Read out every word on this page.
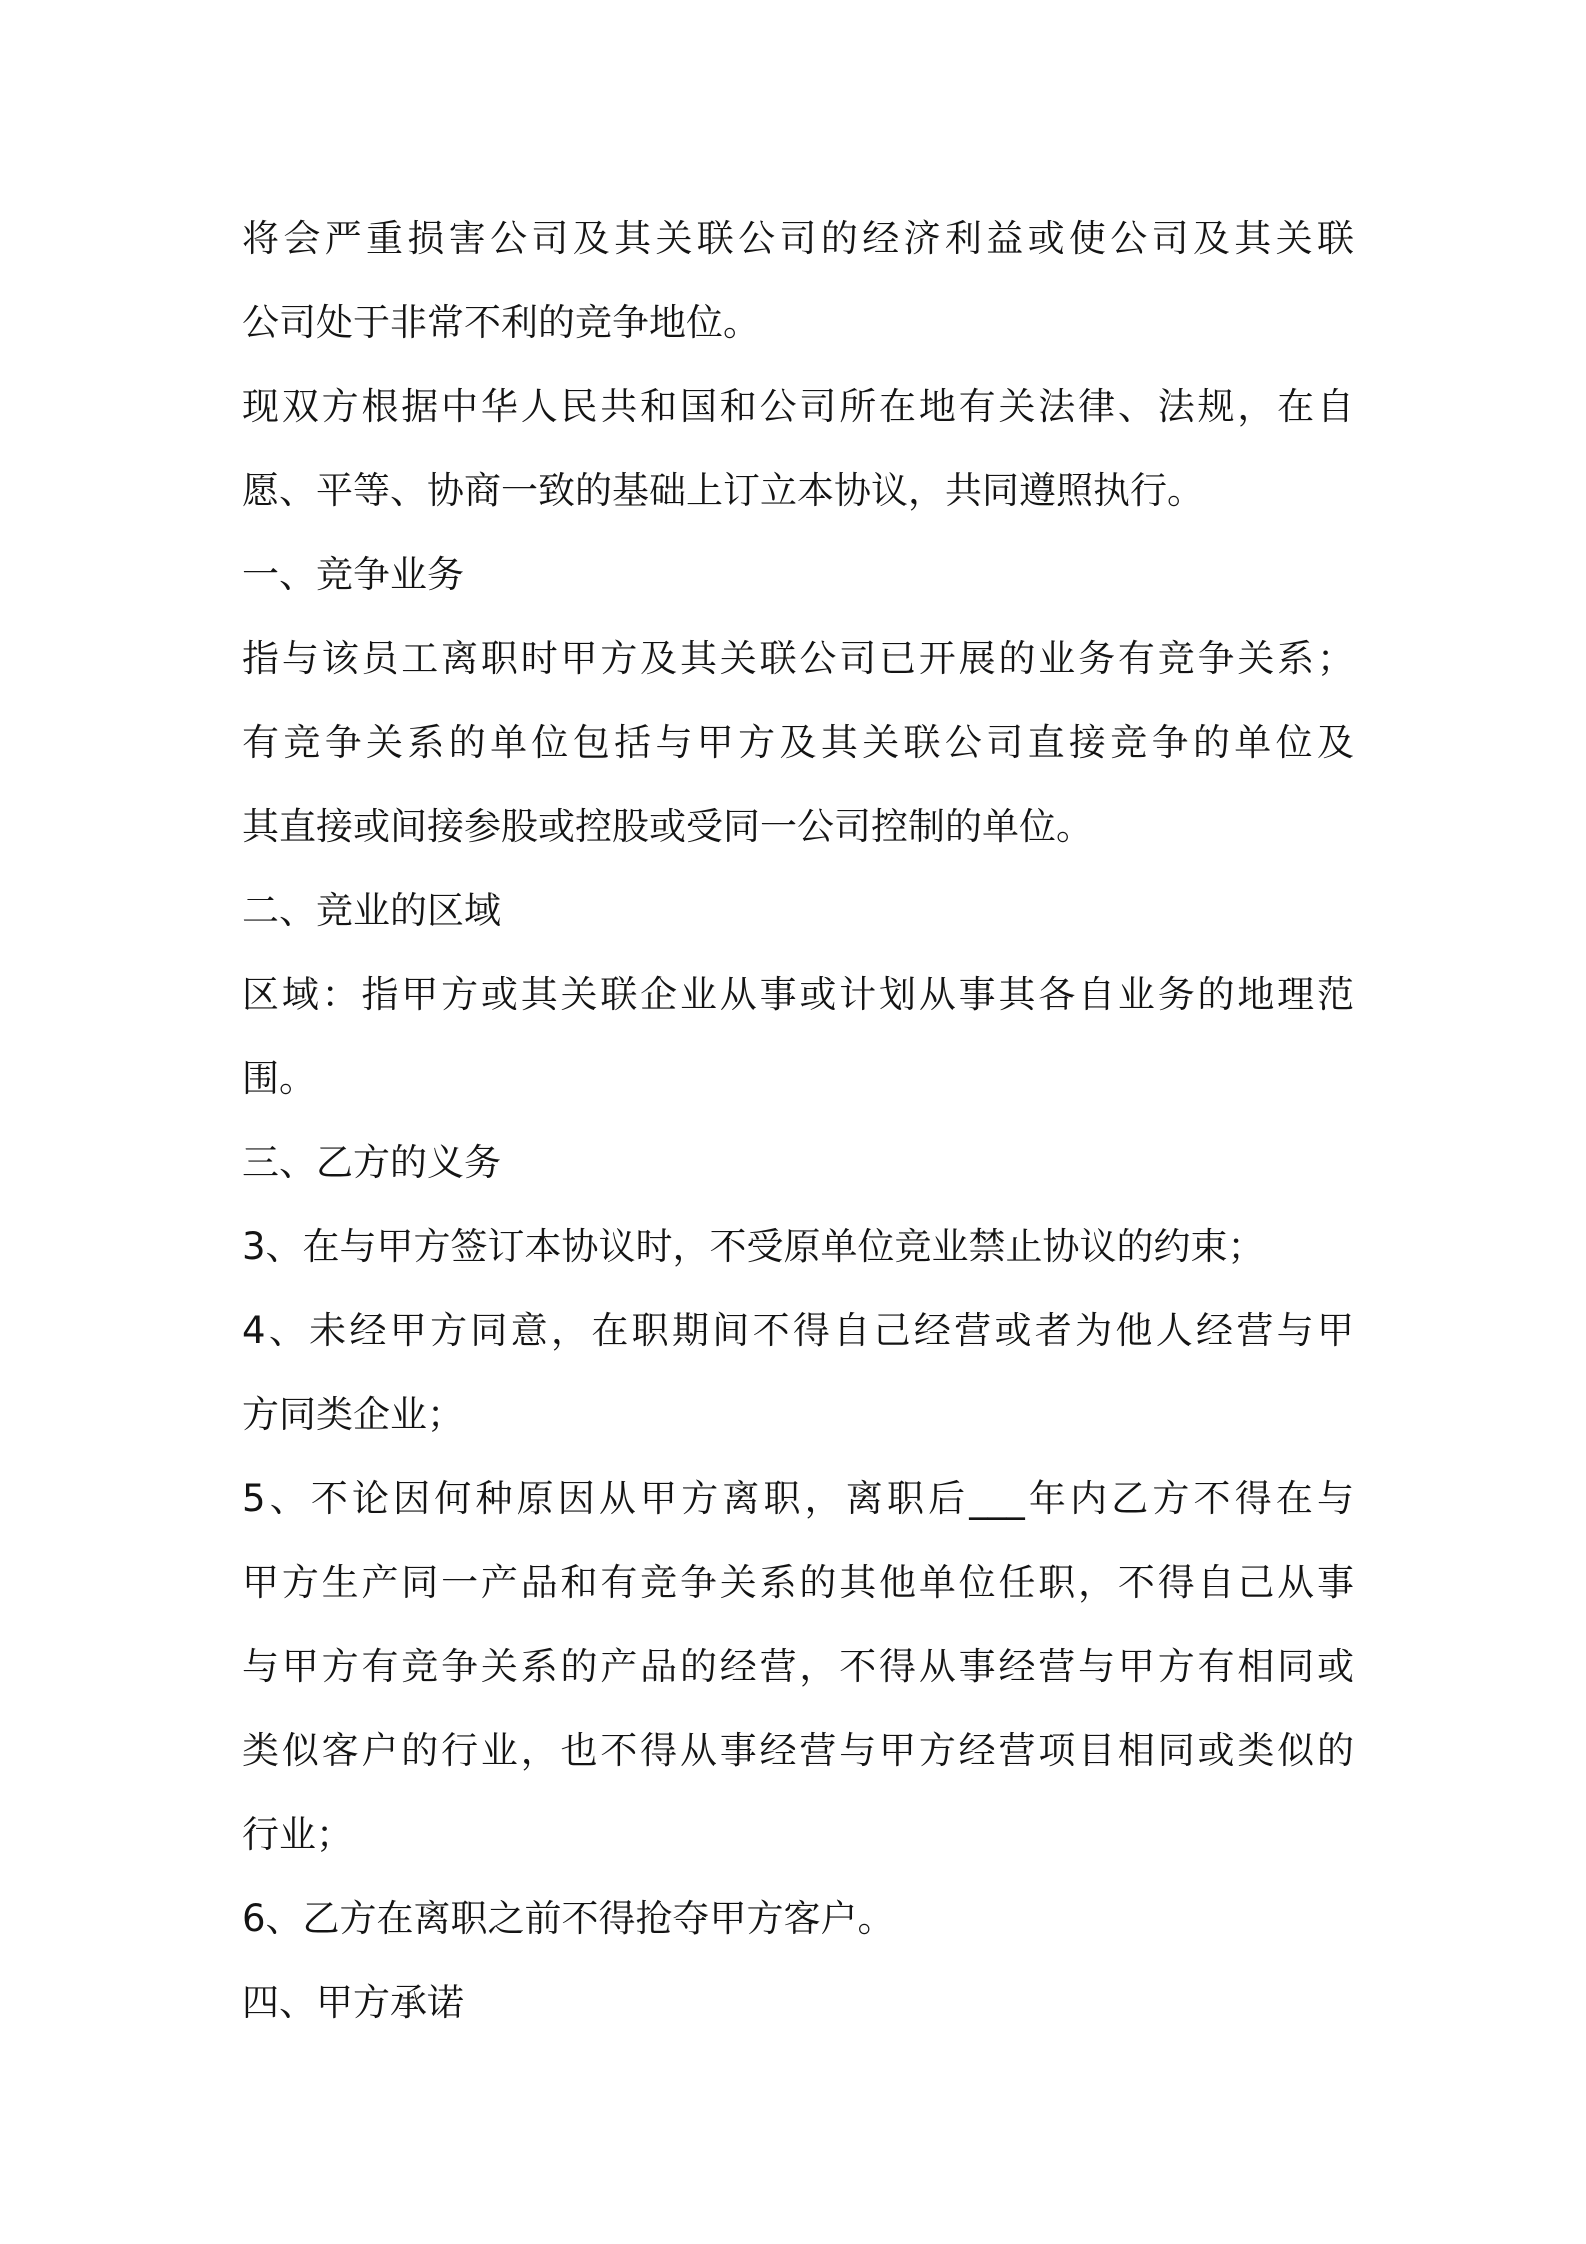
将会严重损害公司及其关联公司的经济利益或使公司及其关联
公司处于非常不利的竞争地位。
现双方根据中华人民共和国和公司所在地有关法律、法规，在自
愿、平等、协商一致的基础上订立本协议，共同遵照执行。
一、竞争业务
指与该员工离职时甲方及其关联公司已开展的业务有竞争关系；
有竞争关系的单位包括与甲方及其关联公司直接竞争的单位及
其直接或间接参股或控股或受同一公司控制的单位。
二、竞业的区域
区域：指甲方或其关联企业从事或计划从事其各自业务的地理范
围。
三、乙方的义务
3、在与甲方签订本协议时，不受原单位竞业禁止协议的约束；
4、未经甲方同意，在职期间不得自己经营或者为他人经营与甲
方同类企业；
5、不论因何种原因从甲方离职，离职后___年内乙方不得在与
甲方生产同一产品和有竞争关系的其他单位任职，不得自己从事
与甲方有竞争关系的产品的经营，不得从事经营与甲方有相同或
类似客户的行业，也不得从事经营与甲方经营项目相同或类似的
行业；
6、乙方在离职之前不得抢夺甲方客户。
四、甲方承诺
